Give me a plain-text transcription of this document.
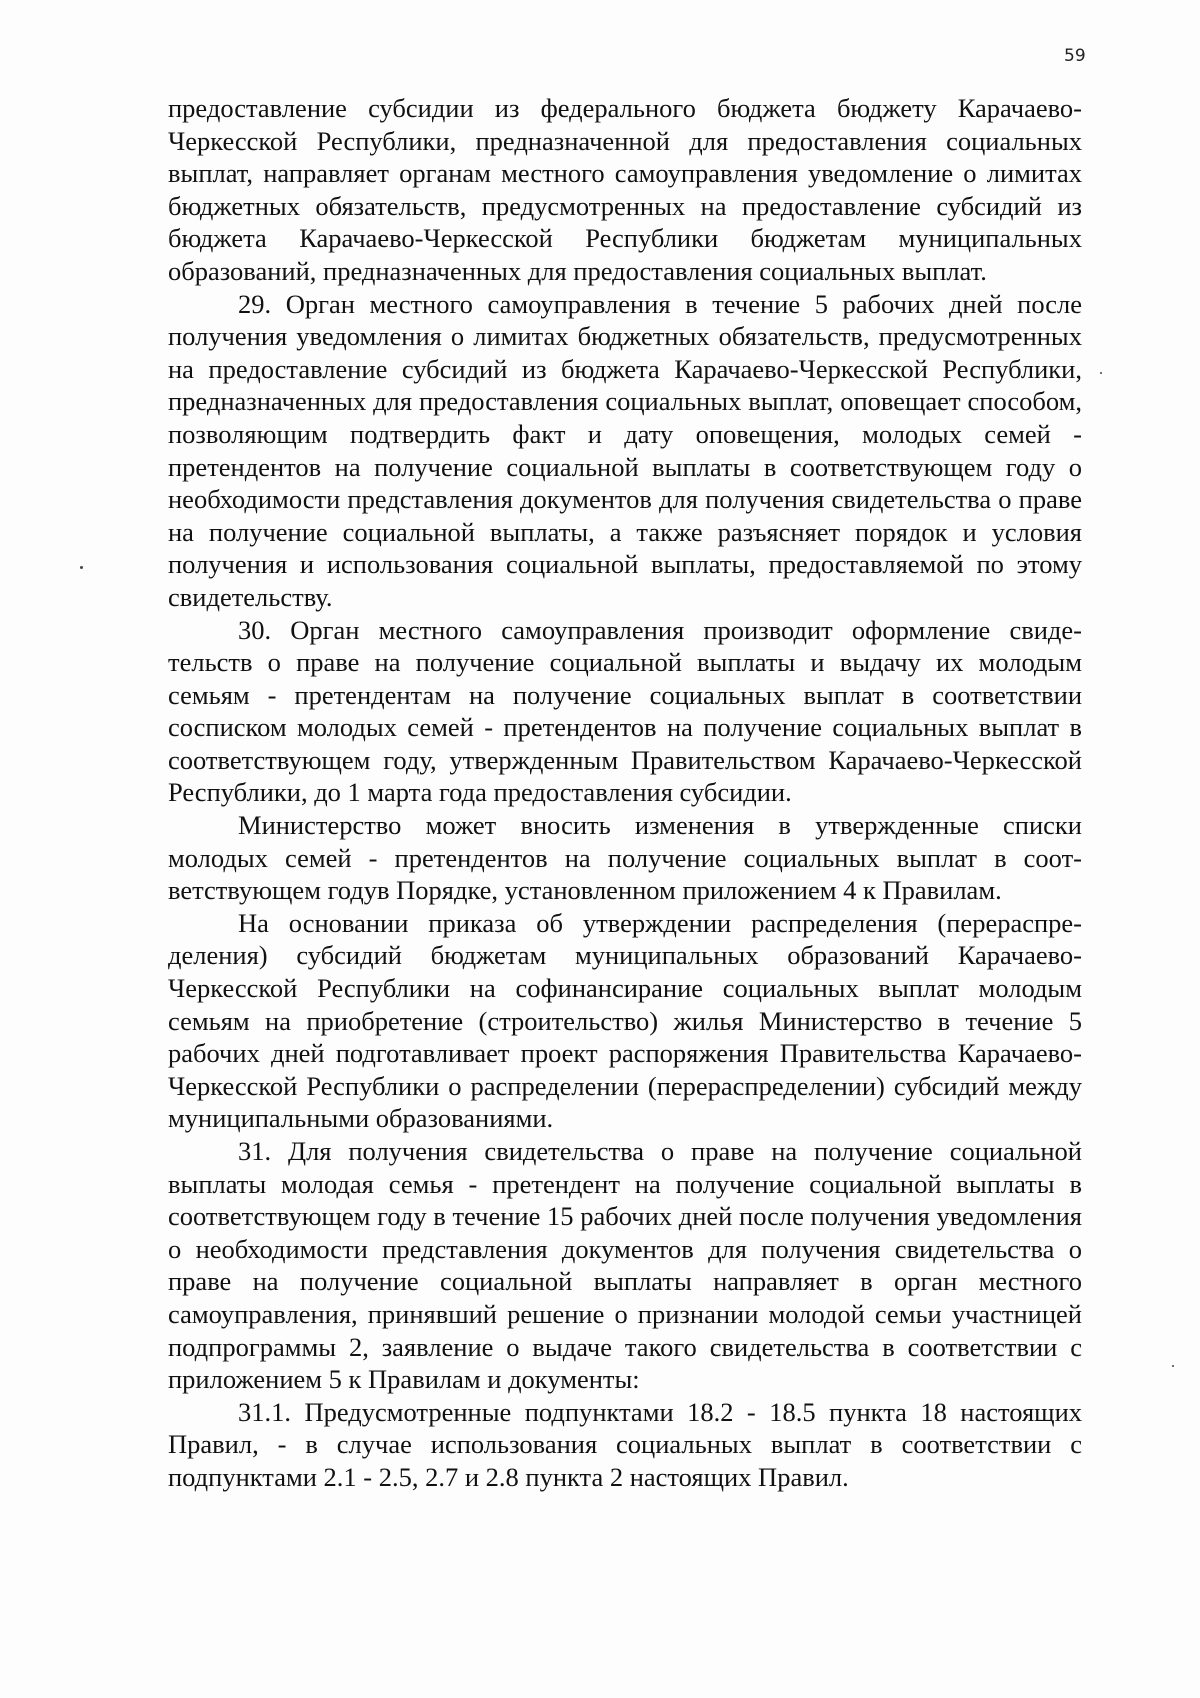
59

предоставление субсидии из федерального бюджета бюджету Карачаево-Черкесской Республики, предназначенной для предоставления социальных выплат, направляет органам местного самоуправления уведомление о лимитах бюджетных обязательств, предусмотренных на предоставление субсидий из бюджета Карачаево-Черкесской Республики бюджетам муниципальных образований, предназначенных для предоставления социальных выплат.

29. Орган местного самоуправления в течение 5 рабочих дней после получения уведомления о лимитах бюджетных обязательств, предусмотренных на предоставление субсидий из бюджета Карачаево-Черкесской Республики, предназначенных для предоставления социальных выплат, оповещает способом, позволяющим подтвердить факт и дату оповещения, молодых семей - претендентов на получение социальной выплаты в соответствующем году о необходимости представления документов для получения свидетельства о праве на получение социальной выплаты, а также разъясняет порядок и условия получения и использования социальной выплаты, предоставляемой по этому свидетельству.

30. Орган местного самоуправления производит оформление свидетельств о праве на получение социальной выплаты и выдачу их молодым семьям - претендентам на получение социальных выплат в соответствии сосписком молодых семей - претендентов на получение социальных выплат в соответствующем году, утвержденным Правительством Карачаево-Черкесской Республики, до 1 марта года предоставления субсидии.

Министерство может вносить изменения в утвержденные списки молодых семей - претендентов на получение социальных выплат в соответствующем годув Порядке, установленном приложением 4 к Правилам.

На основании приказа об утверждении распределения (перераспределения) субсидий бюджетам муниципальных образований Карачаево-Черкесской Республики на софинансирание социальных выплат молодым семьям на приобретение (строительство) жилья Министерство в течение 5 рабочих дней подготавливает проект распоряжения Правительства Карачаево-Черкесской Республики о распределении (перераспределении) субсидий между муниципальными образованиями.

31. Для получения свидетельства о праве на получение социальной выплаты молодая семья - претендент на получение социальной выплаты в соответствующем году в течение 15 рабочих дней после получения уведомления о необходимости представления документов для получения свидетельства о праве на получение социальной выплаты направляет в орган местного самоуправления, принявший решение о признании молодой семьи участницей подпрограммы 2, заявление о выдаче такого свидетельства в соответствии с приложением 5 к Правилам и документы:

31.1. Предусмотренные подпунктами 18.2 - 18.5 пункта 18 настоящих Правил, - в случае использования социальных выплат в соответствии с подпунктами 2.1 - 2.5, 2.7 и 2.8 пункта 2 настоящих Правил.
